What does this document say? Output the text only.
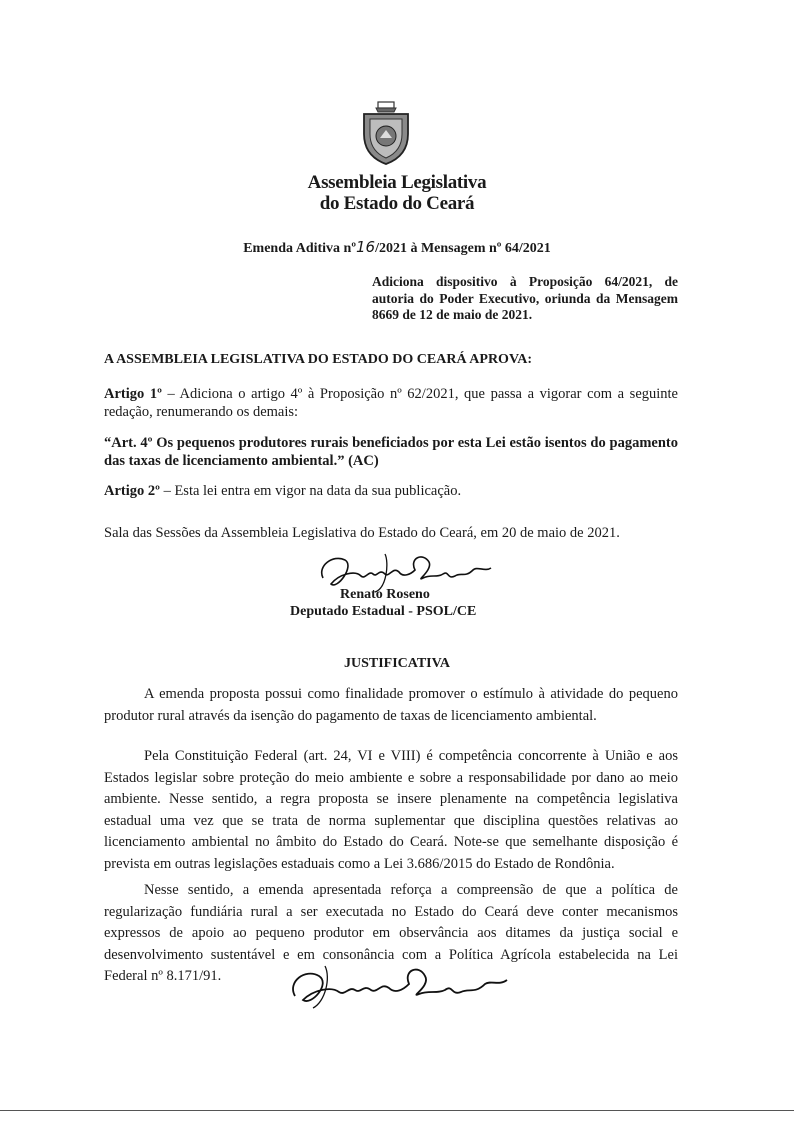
Assembleia Legislativa
do Estado do Ceará
Emenda Aditiva nº16/2021 à Mensagem nº 64/2021
Adiciona dispositivo à Proposição 64/2021, de autoria do Poder Executivo, oriunda da Mensagem 8669 de 12 de maio de 2021.
A ASSEMBLEIA LEGISLATIVA DO ESTADO DO CEARÁ APROVA:
Artigo 1º – Adiciona o artigo 4º à Proposição nº 62/2021, que passa a vigorar com a seguinte redação, renumerando os demais:
“Art. 4º Os pequenos produtores rurais beneficiados por esta Lei estão isentos do pagamento das taxas de licenciamento ambiental.” (AC)
Artigo 2º – Esta lei entra em vigor na data da sua publicação.
Sala das Sessões da Assembleia Legislativa do Estado do Ceará, em 20 de maio de 2021.
Renato Roseno
Deputado Estadual - PSOL/CE
JUSTIFICATIVA
A emenda proposta possui como finalidade promover o estímulo à atividade do pequeno produtor rural através da isenção do pagamento de taxas de licenciamento ambiental.
Pela Constituição Federal (art. 24, VI e VIII) é competência concorrente à União e aos Estados legislar sobre proteção do meio ambiente e sobre a responsabilidade por dano ao meio ambiente. Nesse sentido, a regra proposta se insere plenamente na competência legislativa estadual uma vez que se trata de norma suplementar que disciplina questões relativas ao licenciamento ambiental no âmbito do Estado do Ceará. Note-se que semelhante disposição é prevista em outras legislações estaduais como a Lei 3.686/2015 do Estado de Rondônia.
Nesse sentido, a emenda apresentada reforça a compreensão de que a política de regularização fundiária rural a ser executada no Estado do Ceará deve conter mecanismos expressos de apoio ao pequeno produtor em observância aos ditames da justiça social e desenvolvimento sustentável e em consonância com a Política Agrícola estabelecida na Lei Federal nº 8.171/91.
